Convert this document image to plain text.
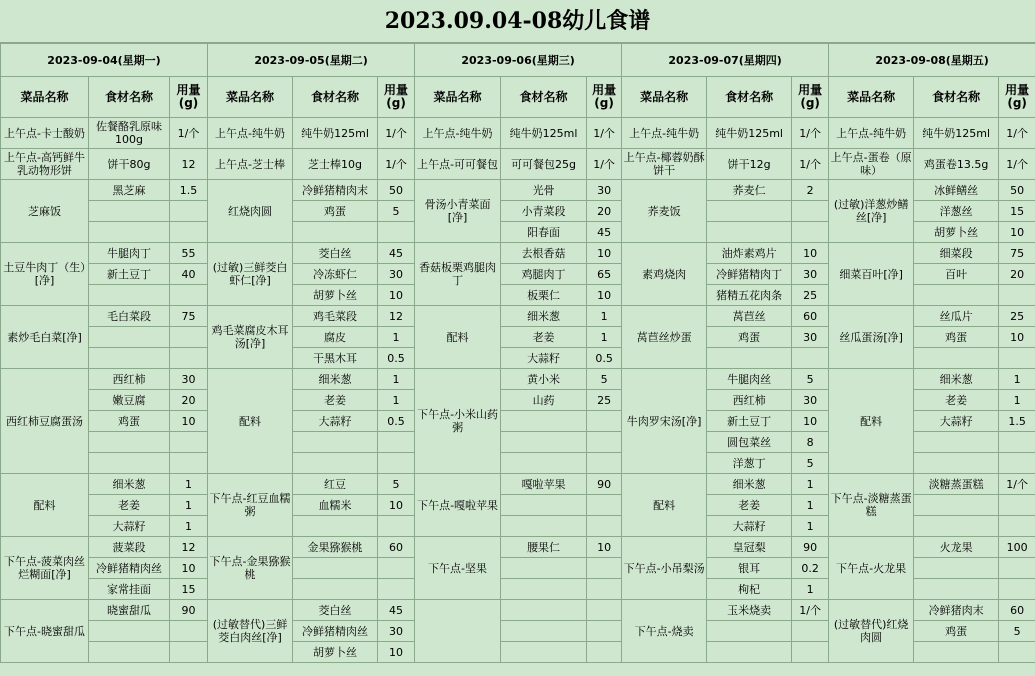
2023.09.04-08幼儿食谱
2023-09-04(星期一)			2023-09-05(星期二)			2023-09-06(星期三)			2023-09-07(星期四)			2023-09-08(星期五)		
菜品名称	食材名称	用量(g)	菜品名称	食材名称	用量(g)	菜品名称	食材名称	用量(g)	菜品名称	食材名称	用量(g)	菜品名称	食材名称	用量(g)
上午点-卡士酸奶	佐餐酪乳原味100g	1/个	上午点-纯牛奶	纯牛奶125ml	1/个	上午点-纯牛奶	纯牛奶125ml	1/个	上午点-纯牛奶	纯牛奶125ml	1/个	上午点-纯牛奶	纯牛奶125ml	1/个
上午点-高钙鲜牛乳动物形饼	饼干80g	12	上午点-芝士棒	芝士棒10g	1/个	上午点-可可餐包	可可餐包25g	1/个	上午点-椰蓉奶酥饼干	饼干12g	1/个	上午点-蛋卷（原味）	鸡蛋卷13.5g	1/个
芝麻饭	黑芝麻	1.5	红烧肉圆	冷鲜猪精肉末	50	骨汤小青菜面[净]	光骨	30	荞麦饭	荞麦仁	2	(过敏)洋葱炒鳝丝[净]	冰鲜鳝丝	50
				鸡蛋	5		小青菜段	20					洋葱丝	15
							阳春面	45					胡萝卜丝	10
土豆牛肉丁（生）[净]	牛腿肉丁	55	(过敏)三鲜茭白虾仁[净]	茭白丝	45	香菇板栗鸡腿肉丁	去根香菇	10	素鸡烧肉	油炸素鸡片	10	细菜百叶[净]	细菜段	75
	新土豆丁	40		冷冻虾仁	30		鸡腿肉丁	65		冷鲜猪精肉丁	30		百叶	20
				胡萝卜丝	10		板栗仁	10		猪精五花肉条	25			
素炒毛白菜[净]	毛白菜段	75	鸡毛菜腐皮木耳汤[净]	鸡毛菜段	12	配料	细米葱	1	莴苣丝炒蛋	莴苣丝	60	丝瓜蛋汤[净]	丝瓜片	25
				腐皮	1		老姜	1		鸡蛋	30		鸡蛋	10
				干黑木耳	0.5		大蒜籽	0.5						
西红柿豆腐蛋汤	西红柿	30	配料	细米葱	1	下午点-小米山药粥	黄小米	5	牛肉罗宋汤[净]	牛腿肉丝	5	配料	细米葱	1
	嫩豆腐	20		老姜	1		山药	25		西红柿	30		老姜	1
	鸡蛋	10		大蒜籽	0.5					新土豆丁	10		大蒜籽	1.5
										圆包菜丝	8			
										洋葱丁	5			
配料	细米葱	1	下午点-红豆血糯粥	红豆	5	下午点-嘎啦苹果	嘎啦苹果	90	配料	细米葱	1	下午点-淡糖蒸蛋糕	淡糖蒸蛋糕	1/个
	老姜	1		血糯米	10					老姜	1			
	大蒜籽	1								大蒜籽	1			
下午点-菠菜肉丝烂糊面[净]	菠菜段	12	下午点-金果猕猴桃	金果猕猴桃	60	下午点-坚果	腰果仁	10	下午点-小吊梨汤	皇冠梨	90	下午点-火龙果	火龙果	100
	冷鲜猪精肉丝	10								银耳	0.2			
	家常挂面	15								枸杞	1			
下午点-晓蜜甜瓜	晓蜜甜瓜	90	(过敏替代)三鲜茭白肉丝[净]	茭白丝	45				下午点-烧卖	玉米烧卖	1/个	(过敏替代)红烧肉圆	冷鲜猪肉末	60
				冷鲜猪精肉丝	30								鸡蛋	5
				胡萝卜丝	10									
